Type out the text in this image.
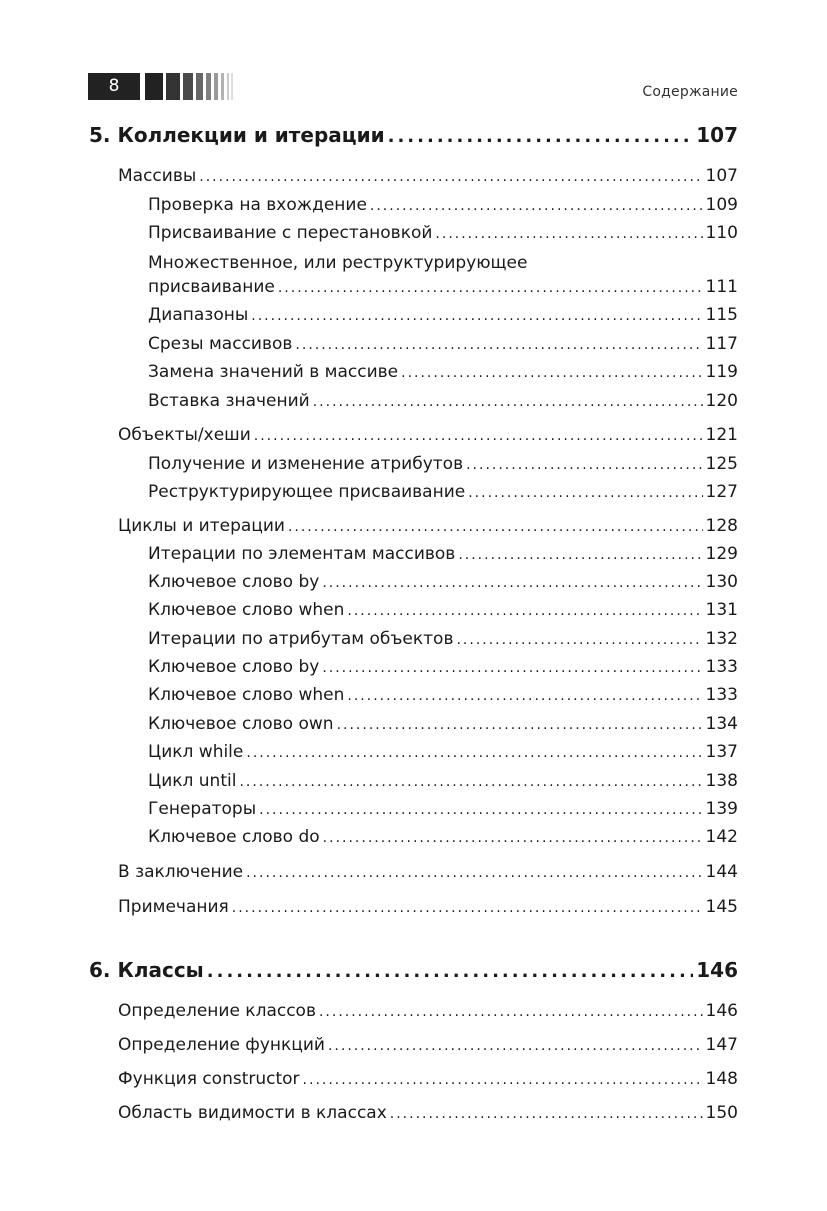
8	Содержание
5. Коллекции и итерации .....	107
Массивы .....	107
Проверка на вхождение .....	109
Присваивание с перестановкой .....	110
Множественное, или реструктурирующее
присваивание .....	111
Диапазоны .....	115
Срезы массивов .....	117
Замена значений в массиве .....	119
Вставка значений .....	120
Объекты/хеши .....	121
Получение и изменение атрибутов .....	125
Реструктурирующее присваивание .....	127
Циклы и итерации .....	128
Итерации по элементам массивов .....	129
Ключевое слово by .....	130
Ключевое слово when .....	131
Итерации по атрибутам объектов .....	132
Ключевое слово by .....	133
Ключевое слово when .....	133
Ключевое слово own .....	134
Цикл while .....	137
Цикл until .....	138
Генераторы .....	139
Ключевое слово do .....	142
В заключение .....	144
Примечания .....	145
6. Классы .....	146
Определение классов .....	146
Определение функций .....	147
Функция constructor .....	148
Область видимости в классах .....	150
